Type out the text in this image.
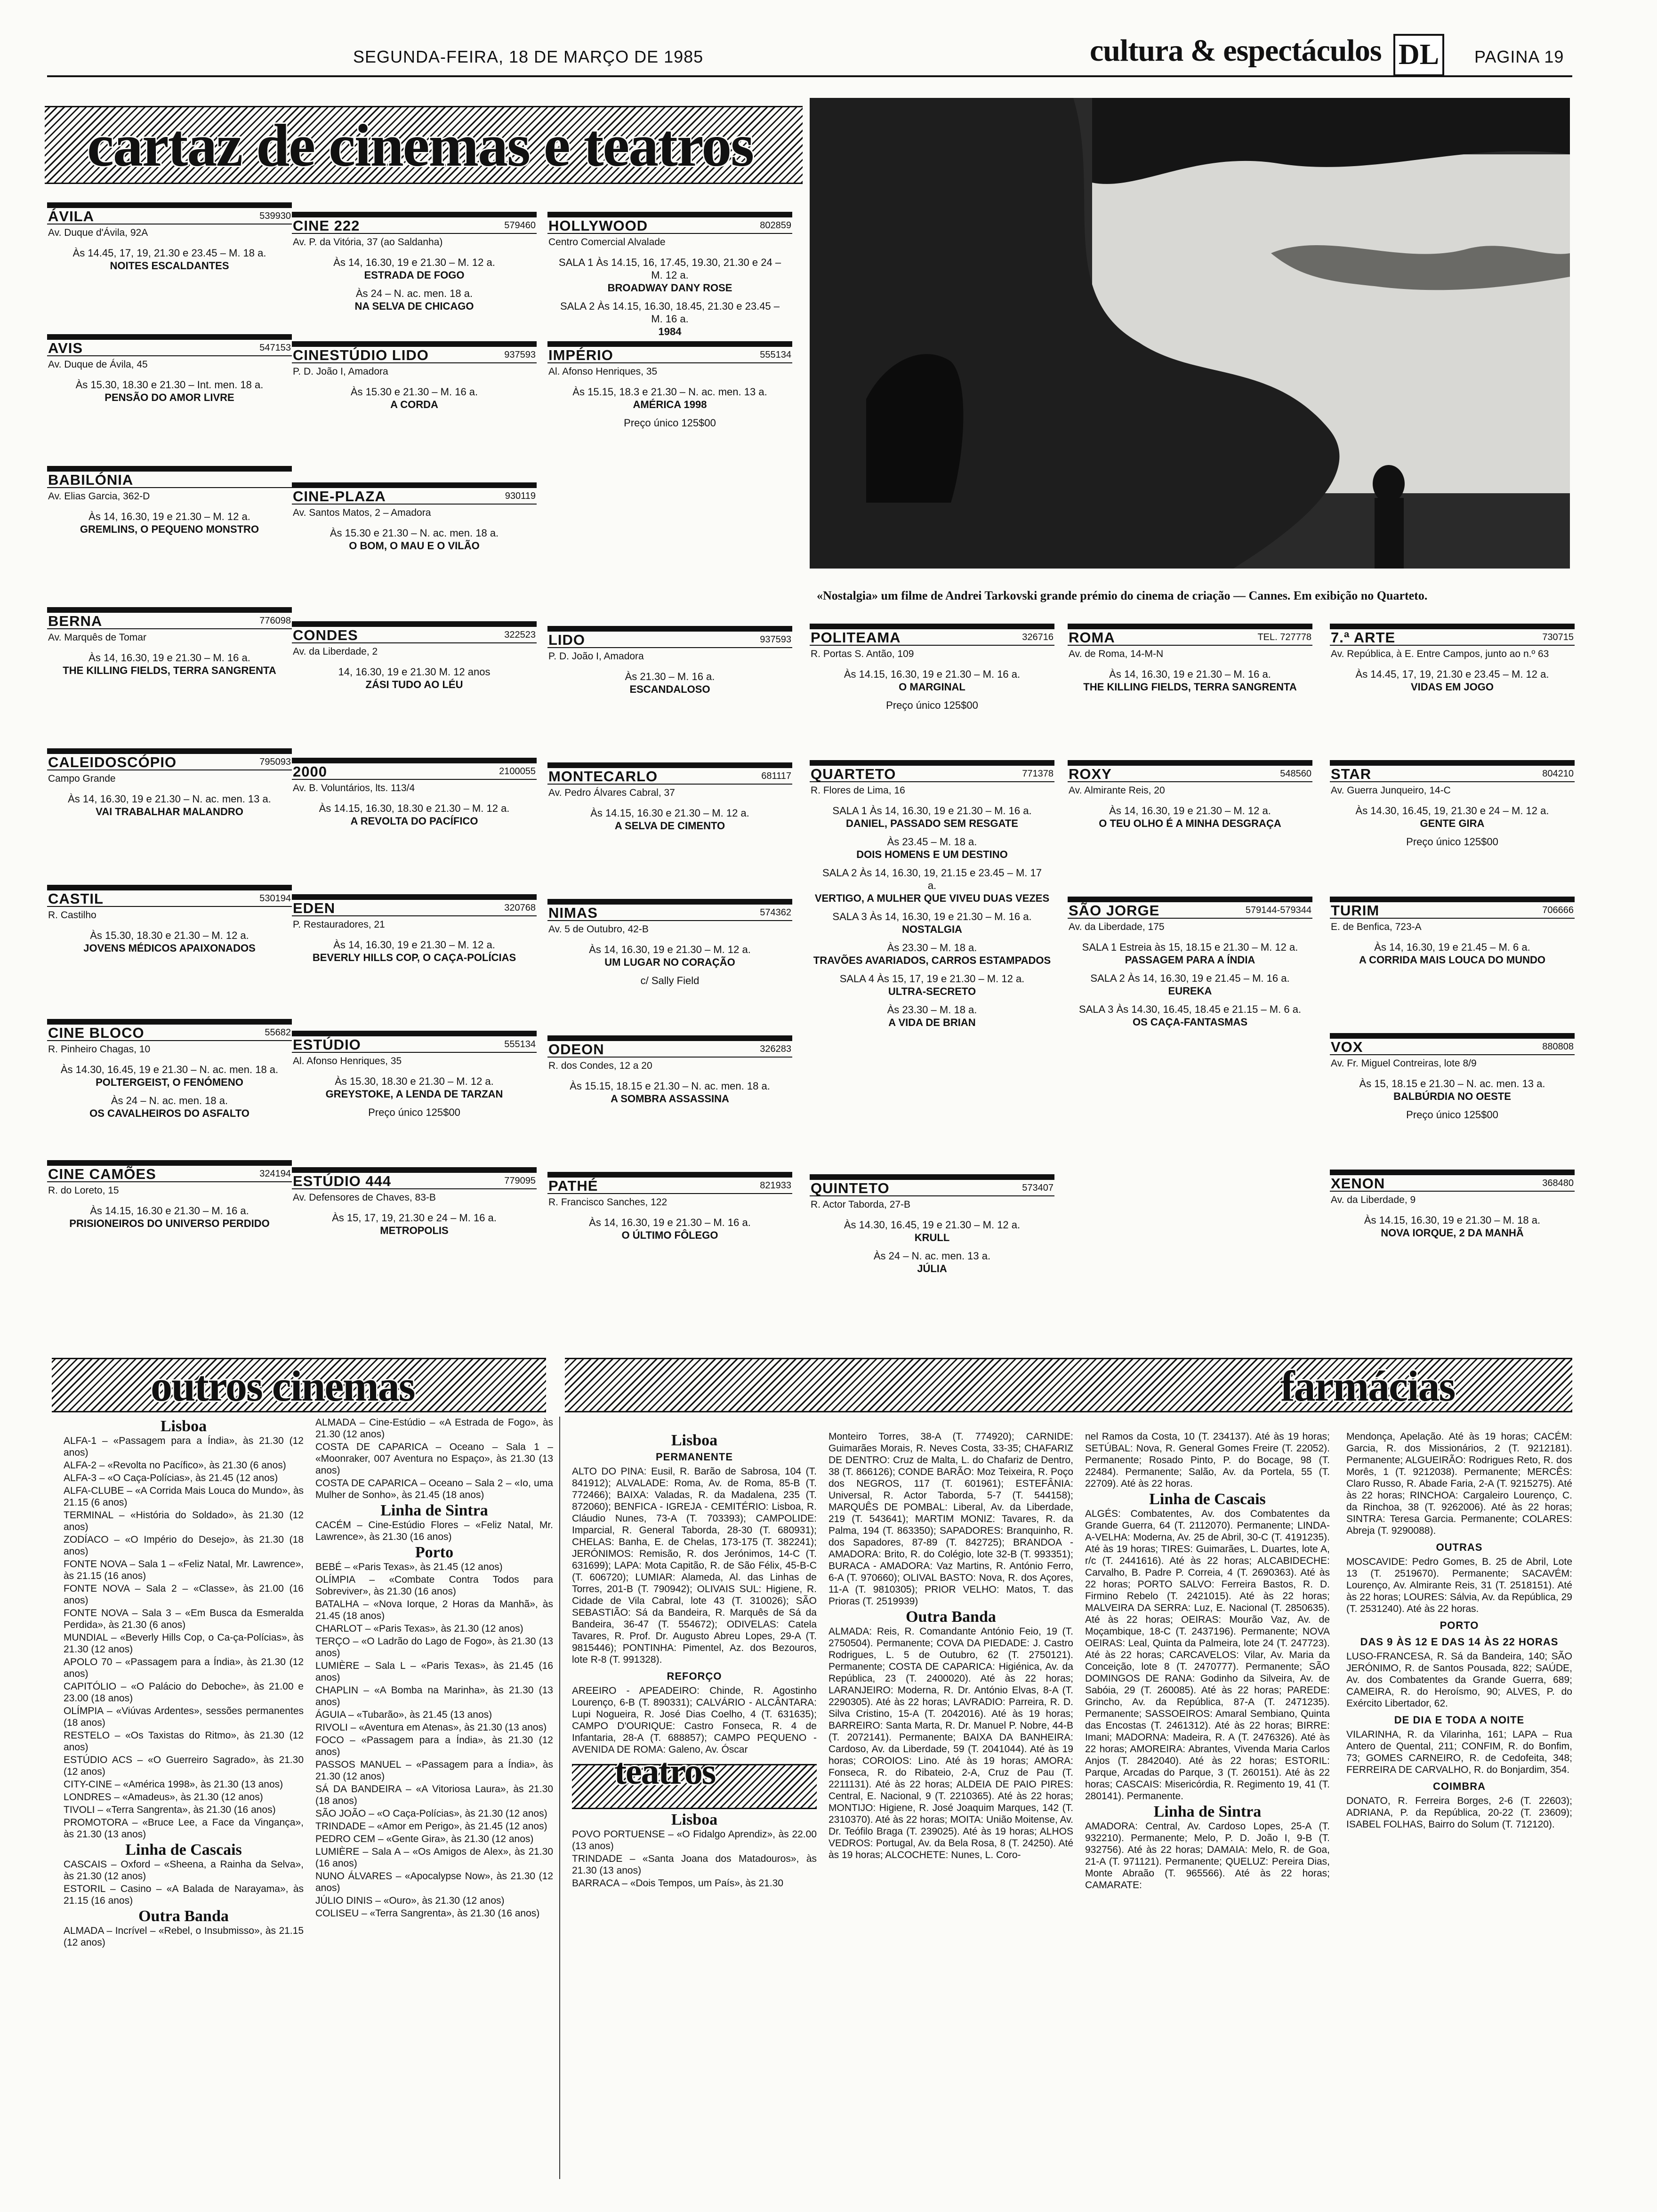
SEGUNDA-FEIRA, 18 DE MARÇO DE 1985	cultura & espectáculos DL	PAGINA 19
cartaz de cinemas e teatros
«Nostalgia» um filme de Andrei Tarkovski grande prémio do cinema de criação — Cannes. Em exibição no Quarteto.
ÁVILA	539930
Av. Duque d'Ávila, 92A
Às 14.45, 17, 19, 21.30 e 23.45 – M. 18 a.
NOITES ESCALDANTES
AVIS	547153
Av. Duque de Ávila, 45
Às 15.30, 18.30 e 21.30 – Int. men. 18 a.
PENSÃO DO AMOR LIVRE
BABILÓNIA
Av. Elias Garcia, 362-D
Às 14, 16.30, 19 e 21.30 – M. 12 a.
GREMLINS, O PEQUENO MONSTRO
BERNA	776098
Av. Marquês de Tomar
Às 14, 16.30, 19 e 21.30 – M. 16 a.
THE KILLING FIELDS, TERRA SANGRENTA
CALEIDOSCÓPIO	795093
Campo Grande
Às 14, 16.30, 19 e 21.30 – N. ac. men. 13 a.
VAI TRABALHAR MALANDRO
CASTIL	530194
R. Castilho
Às 15.30, 18.30 e 21.30 – M. 12 a.
JOVENS MÉDICOS APAIXONADOS
CINE BLOCO	55682
R. Pinheiro Chagas, 10
Às 14.30, 16.45, 19 e 21.30 – N. ac. men. 18 a.
POLTERGEIST, O FENÓMENO
Às 24 – N. ac. men. 18 a.
OS CAVALHEIROS DO ASFALTO
CINE CAMÕES	324194
R. do Loreto, 15
Às 14.15, 16.30 e 21.30 – M. 16 a.
PRISIONEIROS DO UNIVERSO PERDIDO
CINE 222	579460
Av. P. da Vitória, 37 (ao Saldanha)
Às 14, 16.30, 19 e 21.30 – M. 12 a.
ESTRADA DE FOGO
Às 24 – N. ac. men. 18 a.
NA SELVA DE CHICAGO
CINESTÚDIO LIDO	937593
P. D. João I, Amadora
Às 15.30 e 21.30 – M. 16 a.
A CORDA
CINE-PLAZA	930119
Av. Santos Matos, 2 – Amadora
Às 15.30 e 21.30 – N. ac. men. 18 a.
O BOM, O MAU E O VILÃO
CONDES	322523
Av. da Liberdade, 2
14, 16.30, 19 e 21.30 M. 12 anos
ZÁSI TUDO AO LÉU
2000	2100055
Av. B. Voluntários, lts. 113/4
Às 14.15, 16.30, 18.30 e 21.30 – M. 12 a.
A REVOLTA DO PACÍFICO
EDEN	320768
P. Restauradores, 21
Às 14, 16.30, 19 e 21.30 – M. 12 a.
BEVERLY HILLS COP, O CAÇA-POLÍCIAS
ESTÚDIO	555134
Al. Afonso Henriques, 35
Às 15.30, 18.30 e 21.30 – M. 12 a.
GREYSTOKE, A LENDA DE TARZAN
Preço único 125$00
ESTÚDIO 444	779095
Av. Defensores de Chaves, 83-B
Às 15, 17, 19, 21.30 e 24 – M. 16 a.
METROPOLIS
HOLLYWOOD	802859
Centro Comercial Alvalade
SALA 1 Às 14.15, 16, 17.45, 19.30, 21.30 e 24 – M. 12 a.
BROADWAY DANY ROSE
SALA 2 Às 14.15, 16.30, 18.45, 21.30 e 23.45 – M. 16 a.
1984
IMPÉRIO	555134
Al. Afonso Henriques, 35
Às 15.15, 18.3 e 21.30 – N. ac. men. 13 a.
AMÉRICA 1998
Preço único 125$00
LIDO	937593
P. D. João I, Amadora
Às 21.30 – M. 16 a.
ESCANDALOSO
MONTECARLO	681117
Av. Pedro Álvares Cabral, 37
Às 14.15, 16.30 e 21.30 – M. 12 a.
A SELVA DE CIMENTO
NIMAS	574362
Av. 5 de Outubro, 42-B
Às 14, 16.30, 19 e 21.30 – M. 12 a.
UM LUGAR NO CORAÇÃO
c/ Sally Field
ODEON	326283
R. dos Condes, 12 a 20
Às 15.15, 18.15 e 21.30 – N. ac. men. 18 a.
A SOMBRA ASSASSINA
PATHÉ	821933
R. Francisco Sanches, 122
Às 14, 16.30, 19 e 21.30 – M. 16 a.
O ÚLTIMO FÔLEGO
POLITEAMA	326716
R. Portas S. Antão, 109
Às 14.15, 16.30, 19 e 21.30 – M. 16 a.
O MARGINAL
Preço único 125$00
QUARTETO	771378
R. Flores de Lima, 16
SALA 1 Às 14, 16.30, 19 e 21.30 – M. 16 a.
DANIEL, PASSADO SEM RESGATE
Às 23.45 – M. 18 a.
DOIS HOMENS E UM DESTINO
SALA 2 Às 14, 16.30, 19, 21.15 e 23.45 – M. 17 a.
VERTIGO, A MULHER QUE VIVEU DUAS VEZES
SALA 3 Às 14, 16.30, 19 e 21.30 – M. 16 a.
NOSTALGIA
Às 23.30 – M. 18 a.
TRAVÕES AVARIADOS, CARROS ESTAMPADOS
SALA 4 Às 15, 17, 19 e 21.30 – M. 12 a.
ULTRA-SECRETO
Às 23.30 – M. 18 a.
A VIDA DE BRIAN
QUINTETO	573407
R. Actor Taborda, 27-B
Às 14.30, 16.45, 19 e 21.30 – M. 12 a.
KRULL
Às 24 – N. ac. men. 13 a.
JÚLIA
ROMA	TEL. 727778
Av. de Roma, 14-M-N
Às 14, 16.30, 19 e 21.30 – M. 16 a.
THE KILLING FIELDS, TERRA SANGRENTA
ROXY	548560
Av. Almirante Reis, 20
Às 14, 16.30, 19 e 21.30 – M. 12 a.
O TEU OLHO É A MINHA DESGRAÇA
SÃO JORGE	579144-579344
Av. da Liberdade, 175
SALA 1 Estreia às 15, 18.15 e 21.30 – M. 12 a.
PASSAGEM PARA A ÍNDIA
SALA 2 Às 14, 16.30, 19 e 21.45 – M. 16 a.
EUREKA
SALA 3 Às 14.30, 16.45, 18.45 e 21.15 – M. 6 a.
OS CAÇA-FANTASMAS
7.ª ARTE	730715
Av. República, à E. Entre Campos, junto ao n.º 63
Às 14.45, 17, 19, 21.30 e 23.45 – M. 12 a.
VIDAS EM JOGO
STAR	804210
Av. Guerra Junqueiro, 14-C
Às 14.30, 16.45, 19, 21.30 e 24 – M. 12 a.
GENTE GIRA
Preço único 125$00
TURIM	706666
E. de Benfica, 723-A
Às 14, 16.30, 19 e 21.45 – M. 6 a.
A CORRIDA MAIS LOUCA DO MUNDO
VOX	880808
Av. Fr. Miguel Contreiras, lote 8/9
Às 15, 18.15 e 21.30 – N. ac. men. 13 a.
BALBÚRDIA NO OESTE
Preço único 125$00
XENON	368480
Av. da Liberdade, 9
Às 14.15, 16.30, 19 e 21.30 – M. 18 a.
NOVA IORQUE, 2 DA MANHÃ
outros cinemas	farmácias
Lisboa

ALFA-1 – «Passagem para a Índia», às 21.30 (12 anos)

ALFA-2 – «Revolta no Pacífico», às 21.30 (6 anos)

ALFA-3 – «O Caça-Polícias», às 21.45 (12 anos)

ALFA-CLUBE – «A Corrida Mais Louca do Mundo», às 21.15 (6 anos)

TERMINAL – «História do Soldado», às 21.30 (12 anos)

ZODÍACO – «O Império do Desejo», às 21.30 (18 anos)

FONTE NOVA – Sala 1 – «Feliz Natal, Mr. Lawrence», às 21.15 (16 anos)

FONTE NOVA – Sala 2 – «Classe», às 21.00 (16 anos)

FONTE NOVA – Sala 3 – «Em Busca da Esmeralda Perdida», às 21.30 (6 anos)

MUNDIAL – «Beverly Hills Cop, o Ca-ça-Polícias», às 21.30 (12 anos)

APOLO 70 – «Passagem para a Índia», às 21.30 (12 anos)

CAPITÓLIO – «O Palácio do Deboche», às 21.00 e 23.00 (18 anos)

OLÍMPIA – «Viúvas Ardentes», sessões permanentes (18 anos)

RESTELO – «Os Taxistas do Ritmo», às 21.30 (12 anos)

ESTÚDIO ACS – «O Guerreiro Sagrado», às 21.30 (12 anos)

CITY-CINE – «América 1998», às 21.30 (13 anos)

LONDRES – «Amadeus», às 21.30 (12 anos)

TIVOLI – «Terra Sangrenta», às 21.30 (16 anos)

PROMOTORA – «Bruce Lee, a Face da Vingança», às 21.30 (13 anos)

Linha de Cascais

CASCAIS – Oxford – «Sheena, a Rainha da Selva», às 21.30 (12 anos)

ESTORIL – Casino – «A Balada de Narayama», às 21.15 (16 anos)

Outra Banda

ALMADA – Incrível – «Rebel, o Insubmisso», às 21.15 (12 anos)

ALMADA – Cine-Estúdio – «A Estrada de Fogo», às 21.30 (12 anos)

COSTA DE CAPARICA – Oceano – Sala 1 – «Moonraker, 007 Aventura no Espaço», às 21.30 (13 anos)

COSTA DE CAPARICA – Oceano – Sala 2 – «Io, uma Mulher de Sonho», às 21.45 (18 anos)

Linha de Sintra

CACÉM – Cine-Estúdio Flores – «Feliz Natal, Mr. Lawrence», às 21.30 (16 anos)

Porto

BEBÉ – «Paris Texas», às 21.45 (12 anos)

OLÍMPIA – «Combate Contra Todos para Sobreviver», às 21.30 (16 anos)

BATALHA – «Nova Iorque, 2 Horas da Manhã», às 21.45 (18 anos)

CHARLOT – «Paris Texas», às 21.30 (12 anos)

TERÇO – «O Ladrão do Lago de Fogo», às 21.30 (13 anos)

LUMIÈRE – Sala L – «Paris Texas», às 21.45 (16 anos)

CHAPLIN – «A Bomba na Marinha», às 21.30 (13 anos)

ÁGUIA – «Tubarão», às 21.45 (13 anos)

RIVOLI – «Aventura em Atenas», às 21.30 (13 anos)

FOCO – «Passagem para a Índia», às 21.30 (12 anos)

PASSOS MANUEL – «Passagem para a Índia», às 21.30 (12 anos)

SÁ DA BANDEIRA – «A Vitoriosa Laura», às 21.30 (18 anos)

SÃO JOÃO – «O Caça-Polícias», às 21.30 (12 anos)

TRINDADE – «Amor em Perigo», às 21.45 (12 anos)

PEDRO CEM – «Gente Gira», às 21.30 (12 anos)

LUMIÈRE – Sala A – «Os Amigos de Alex», às 21.30 (16 anos)

NUNO ÁLVARES – «Apocalypse Now», às 21.30 (12 anos)

JÚLIO DINIS – «Ouro», às 21.30 (12 anos)

COLISEU – «Terra Sangrenta», às 21.30 (16 anos)

Lisboa
PERMANENTE

ALTO DO PINA: Eusil, R. Barão de Sabrosa, 104 (T. 841912); ALVALADE: Roma, Av. de Roma, 85-B (T. 772466); BAIXA: Valadas, R. da Madalena, 235 (T. 872060); BENFICA - IGREJA - CEMITÉRIO: Lisboa, R. Cláudio Nunes, 73-A (T. 703393); CAMPOLIDE: Imparcial, R. General Taborda, 28-30 (T. 680931); CHELAS: Banha, E. de Chelas, 173-175 (T. 382241); JERÓNIMOS: Remisão, R. dos Jerónimos, 14-C (T. 631699); LAPA: Mota Capitão, R. de São Félix, 45-B-C (T. 606720); LUMIAR: Alameda, Al. das Linhas de Torres, 201-B (T. 790942); OLIVAIS SUL: Higiene, R. Cidade de Vila Cabral, lote 43 (T. 310026); SÃO SEBASTIÃO: Sá da Bandeira, R. Marquês de Sá da Bandeira, 36-47 (T. 554672); ODIVELAS: Catela Tavares, R. Prof. Dr. Augusto Abreu Lopes, 29-A (T. 9815446); PONTINHA: Pimentel, Az. dos Bezouros, lote R-8 (T. 991328).

REFORÇO

AREEIRO - APEADEIRO: Chinde, R. Agostinho Lourenço, 6-B (T. 890331); CALVÁRIO - ALCÂNTARA: Lupi Nogueira, R. José Dias Coelho, 4 (T. 631635); CAMPO D'OURIQUE: Castro Fonseca, R. 4 de Infantaria, 28-A (T. 688857); CAMPO PEQUENO - AVENIDA DE ROMA: Galeno, Av. Óscar

teatros
Lisboa

POVO PORTUENSE – «O Fidalgo Aprendiz», às 22.00 (13 anos)

TRINDADE – «Santa Joana dos Matadouros», às 21.30 (13 anos)

BARRACA – «Dois Tempos, um País», às 21.30

Monteiro Torres, 38-A (T. 774920); CARNIDE: Guimarães Morais, R. Neves Costa, 33-35; CHAFARIZ DE DENTRO: Cruz de Malta, L. do Chafariz de Dentro, 38 (T. 866126); CONDE BARÃO: Moz Teixeira, R. Poço dos NEGROS, 117 (T. 601961); ESTEFÂNIA: Universal, R. Actor Taborda, 5-7 (T. 544158); MARQUÊS DE POMBAL: Liberal, Av. da Liberdade, 219 (T. 543641); MARTIM MONIZ: Tavares, R. da Palma, 194 (T. 863350); SAPADORES: Branquinho, R. dos Sapadores, 87-89 (T. 842725); BRANDOA - AMADORA: Brito, R. do Colégio, lote 32-B (T. 993351); BURACA - AMADORA: Vaz Martins, R. António Ferro, 6-A (T. 970660); OLIVAL BASTO: Nova, R. dos Açores, 11-A (T. 9810305); PRIOR VELHO: Matos, T. das Prioras (T. 2519939)

Outra Banda

ALMADA: Reis, R. Comandante António Feio, 19 (T. 2750504). Permanente; COVA DA PIEDADE: J. Castro Rodrigues, L. 5 de Outubro, 62 (T. 2750121). Permanente; COSTA DE CAPARICA: Higiénica, Av. da República, 23 (T. 2400020). Até às 22 horas; LARANJEIRO: Moderna, R. Dr. António Elvas, 8-A (T. 2290305). Até às 22 horas; LAVRADIO: Parreira, R. D. Silva Cristino, 15-A (T. 2042016). Até às 19 horas; BARREIRO: Santa Marta, R. Dr. Manuel P. Nobre, 44-B (T. 2072141). Permanente; BAIXA DA BANHEIRA: Cardoso, Av. da Liberdade, 59 (T. 2041044). Até às 19 horas; COROIOS: Lino. Até às 19 horas; AMORA: Fonseca, R. do Ribateio, 2-A, Cruz de Pau (T. 2211131). Até às 22 horas; ALDEIA DE PAIO PIRES: Central, E. Nacional, 9 (T. 2210365). Até às 22 horas; MONTIJO: Higiene, R. José Joaquim Marques, 142 (T. 2310370). Até às 22 horas; MOITA: União Moitense, Av. Dr. Teófilo Braga (T. 239025). Até às 19 horas; ALHOS VEDROS: Portugal, Av. da Bela Rosa, 8 (T. 24250). Até às 19 horas; ALCOCHETE: Nunes, L. Coro-

nel Ramos da Costa, 10 (T. 234137). Até às 19 horas; SETÚBAL: Nova, R. General Gomes Freire (T. 22052). Permanente; Rosado Pinto, P. do Bocage, 98 (T. 22484). Permanente; Salão, Av. da Portela, 55 (T. 22709). Até às 22 horas.

Linha de Cascais

ALGÉS: Combatentes, Av. dos Combatentes da Grande Guerra, 64 (T. 2112070). Permanente; LINDA-A-VELHA: Moderna, Av. 25 de Abril, 30-C (T. 4191235). Até às 19 horas; TIRES: Guimarães, L. Duartes, lote A, r/c (T. 2441616). Até às 22 horas; ALCABIDECHE: Carvalho, B. Padre P. Correia, 4 (T. 2690363). Até às 22 horas; PORTO SALVO: Ferreira Bastos, R. D. Firmino Rebelo (T. 2421015). Até às 22 horas; MALVEIRA DA SERRA: Luz, E. Nacional (T. 2850635). Até às 22 horas; OEIRAS: Mourão Vaz, Av. de Moçambique, 18-C (T. 2437196). Permanente; NOVA OEIRAS: Leal, Quinta da Palmeira, lote 24 (T. 247723). Até às 22 horas; CARCAVELOS: Vilar, Av. Maria da Conceição, lote 8 (T. 2470777). Permanente; SÃO DOMINGOS DE RANA: Godinho da Silveira, Av. de Sabóia, 29 (T. 260085). Até às 22 horas; PAREDE: Grincho, Av. da República, 87-A (T. 2471235). Permanente; SASSOEIROS: Amaral Sembiano, Quinta das Encostas (T. 2461312). Até às 22 horas; BIRRE: Imani; MADORNA: Madeira, R. A (T. 2476326). Até às 22 horas; AMOREIRA: Abrantes, Vivenda Maria Carlos Anjos (T. 2842040). Até às 22 horas; ESTORIL: Parque, Arcadas do Parque, 3 (T. 260151). Até às 22 horas; CASCAIS: Misericórdia, R. Regimento 19, 41 (T. 280141). Permanente.

Linha de Sintra

AMADORA: Central, Av. Cardoso Lopes, 25-A (T. 932210). Permanente; Melo, P. D. João I, 9-B (T. 932756). Até às 22 horas; DAMAIA: Melo, R. de Goa, 21-A (T. 971121). Permanente; QUELUZ: Pereira Dias, Monte Abraão (T. 965566). Até às 22 horas; CAMARATE:

Mendonça, Apelação. Até às 19 horas; CACÉM: Garcia, R. dos Missionários, 2 (T. 9212181). Permanente; ALGUEIRÃO: Rodrigues Reto, R. dos Morês, 1 (T. 9212038). Permanente; MERCÊS: Claro Russo, R. Abade Faria, 2-A (T. 9215275). Até às 22 horas; RINCHOA: Cargaleiro Lourenço, C. da Rinchoa, 38 (T. 9262006). Até às 22 horas; SINTRA: Teresa Garcia. Permanente; COLARES: Abreja (T. 9290088).

OUTRAS

MOSCAVIDE: Pedro Gomes, B. 25 de Abril, Lote 13 (T. 2519670). Permanente; SACAVÉM: Lourenço, Av. Almirante Reis, 31 (T. 2518151). Até às 22 horas; LOURES: Sálvia, Av. da República, 29 (T. 2531240). Até às 22 horas.

PORTO
DAS 9 ÀS 12 E DAS 14 ÀS 22 HORAS

LUSO-FRANCESA, R. Sá da Bandeira, 140; SÃO JERÓNIMO, R. de Santos Pousada, 822; SAÚDE, Av. dos Combatentes da Grande Guerra, 689; CAMEIRA, R. do Heroísmo, 90; ALVES, P. do Exército Libertador, 62.

DE DIA E TODA A NOITE

VILARINHA, R. da Vilarinha, 161; LAPA – Rua Antero de Quental, 211; CONFIM, R. do Bonfim, 73; GOMES CARNEIRO, R. de Cedofeita, 348; FERREIRA DE CARVALHO, R. do Bonjardim, 354.

COIMBRA

DONATO, R. Ferreira Borges, 2-6 (T. 22603); ADRIANA, P. da República, 20-22 (T. 23609); ISABEL FOLHAS, Bairro do Solum (T. 712120).
